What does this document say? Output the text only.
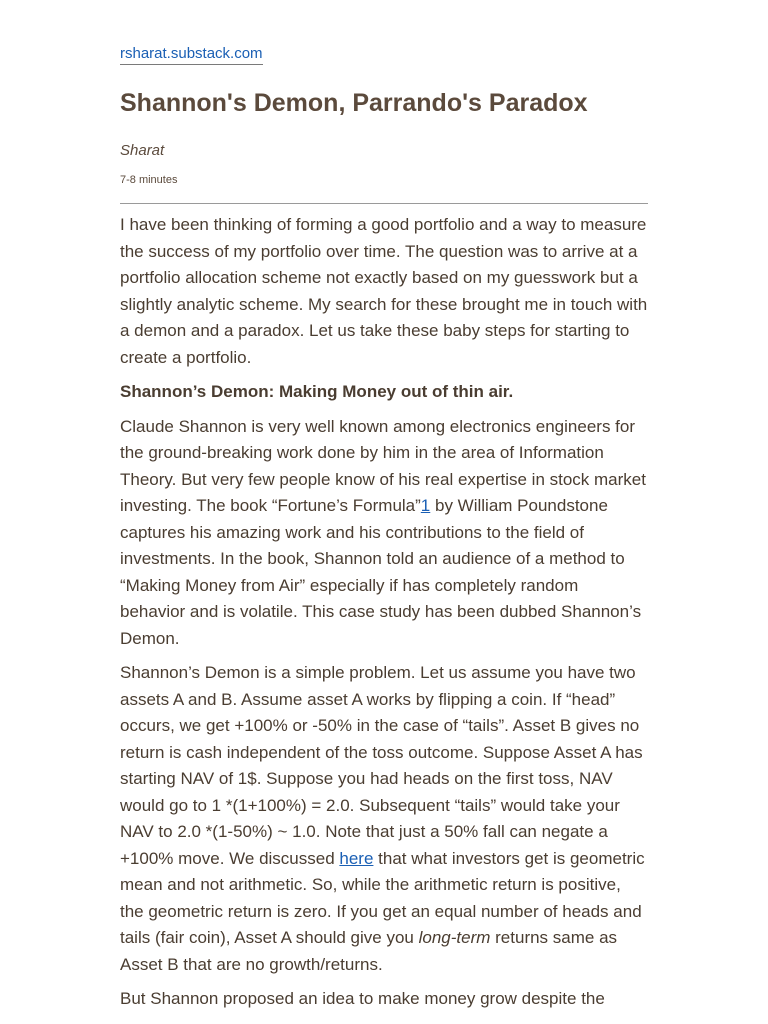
rsharat.substack.com
Shannon's Demon, Parrando's Paradox
Sharat
7-8 minutes

I have been thinking of forming a good portfolio and a way to measure the success of my portfolio over time. The question was to arrive at a portfolio allocation scheme not exactly based on my guesswork but a slightly analytic scheme. My search for these brought me in touch with a demon and a paradox. Let us take these baby steps for starting to create a portfolio.

Shannon’s Demon: Making Money out of thin air.

Claude Shannon is very well known among electronics engineers for the ground-breaking work done by him in the area of Information Theory. But very few people know of his real expertise in stock market investing. The book “Fortune’s Formula”1 by William Poundstone captures his amazing work and his contributions to the field of investments. In the book, Shannon told an audience of a method to “Making Money from Air” especially if has completely random behavior and is volatile. This case study has been dubbed Shannon’s Demon.

Shannon’s Demon is a simple problem. Let us assume you have two assets A and B. Assume asset A works by flipping a coin. If “head” occurs, we get +100% or -50% in the case of “tails”. Asset B gives no return is cash independent of the toss outcome. Suppose Asset A has starting NAV of 1$. Suppose you had heads on the first toss, NAV would go to 1 *(1+100%) = 2.0. Subsequent “tails” would take your NAV to 2.0 *(1-50%) ~ 1.0. Note that just a 50% fall can negate a +100% move. We discussed here that what investors get is geometric mean and not arithmetic. So, while the arithmetic return is positive, the geometric return is zero. If you get an equal number of heads and tails (fair coin), Asset A should give you long-term returns same as Asset B that are no growth/returns.

But Shannon proposed an idea to make money grow despite the
